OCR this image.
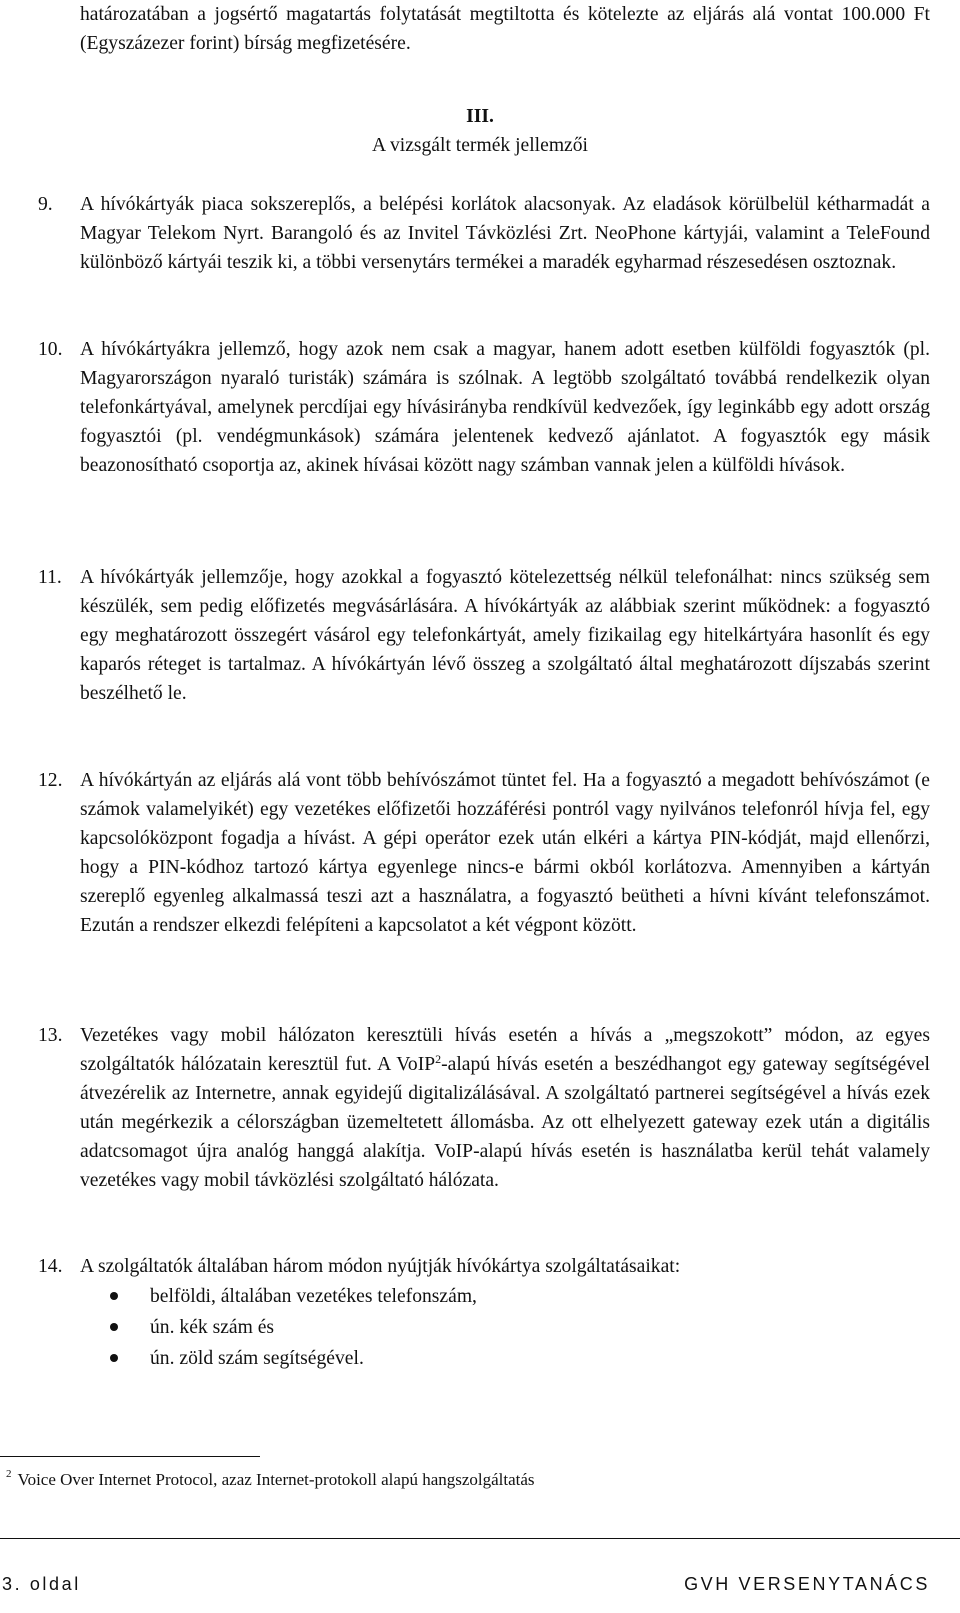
határozatában a jogsértő magatartás folytatását megtiltotta és kötelezte az eljárás alá vontat 100.000 Ft (Egyszázezer forint) bírság megfizetésére.

III.
A vizsgált termék jellemzői
9.	A hívókártyák piaca sokszereplős, a belépési korlátok alacsonyak. Az eladások körülbelül kétharmadát a Magyar Telekom Nyrt. Barangoló és az Invitel Távközlési Zrt. NeoPhone kártyjái, valamint a TeleFound különböző kártyái teszik ki, a többi versenytárs termékei a maradék egyharmad részesedésen osztoznak.

10. A hívókártyákra jellemző, hogy azok nem csak a magyar, hanem adott esetben külföldi fogyasztók (pl. Magyarországon nyaraló turisták) számára is szólnak. A legtöbb szolgáltató továbbá rendelkezik olyan telefonkártyával, amelynek percdíjai egy hívásirányba rendkívül kedvezőek, így leginkább egy adott ország fogyasztói (pl. vendégmunkások) számára jelentenek kedvező ajánlatot. A fogyasztók egy másik beazonosítható csoportja az, akinek hívásai között nagy számban vannak jelen a külföldi hívások.

11. A hívókártyák jellemzője, hogy azokkal a fogyasztó kötelezettség nélkül telefonálhat: nincs szükség sem készülék, sem pedig előfizetés megvásárlására. A hívókártyák az alábbiak szerint működnek: a fogyasztó egy meghatározott összegért vásárol egy telefonkártyát, amely fizikailag egy hitelkártyára hasonlít és egy kaparós réteget is tartalmaz. A hívókártyán lévő összeg a szolgáltató által meghatározott díjszabás szerint beszélhető le.

12. A hívókártyán az eljárás alá vont több behívószámot tüntet fel. Ha a fogyasztó a megadott behívószámot (e számok valamelyikét) egy vezetékes előfizetői hozzáférési pontról vagy nyilvános telefonról hívja fel, egy kapcsolóközpont fogadja a hívást. A gépi operátor ezek után elkéri a kártya PIN-kódját, majd ellenőrzi, hogy a PIN-kódhoz tartozó kártya egyenlege nincs-e bármi okból korlátozva. Amennyiben a kártyán szereplő egyenleg alkalmassá teszi azt a használatra, a fogyasztó beütheti a hívni kívánt telefonszámot. Ezután a rendszer elkezdi felépíteni a kapcsolatot a két végpont között.

13. Vezetékes vagy mobil hálózaton keresztüli hívás esetén a hívás a „megszokott” módon, az egyes szolgáltatók hálózatain keresztül fut. A VoIP$^2$-alapú hívás esetén a beszédhangot egy gateway segítségével átvezérelik az Internetre, annak egyidejű digitalizálásával. A szolgáltató partnerei segítségével a hívás ezek után megérkezik a célországban üzemeltetett állomásba. Az ott elhelyezett gateway ezek után a digitális adatcsomagot újra analóg hanggá alakítja. VoIP-alapú hívás esetén is használatba kerül tehát valamely vezetékes vagy mobil távközlési szolgáltató hálózata.

14. A szolgáltatók általában három módon nyújtják hívókártya szolgáltatásaikat:

belföldi, általában vezetékes telefonszám,
ún. kék szám és
ún. zöld szám segítségével.

$^2$ Voice Over Internet Protocol, azaz Internet-protokoll alapú hangszolgáltatás

3. oldal	GVH VERSENYTANÁCS
